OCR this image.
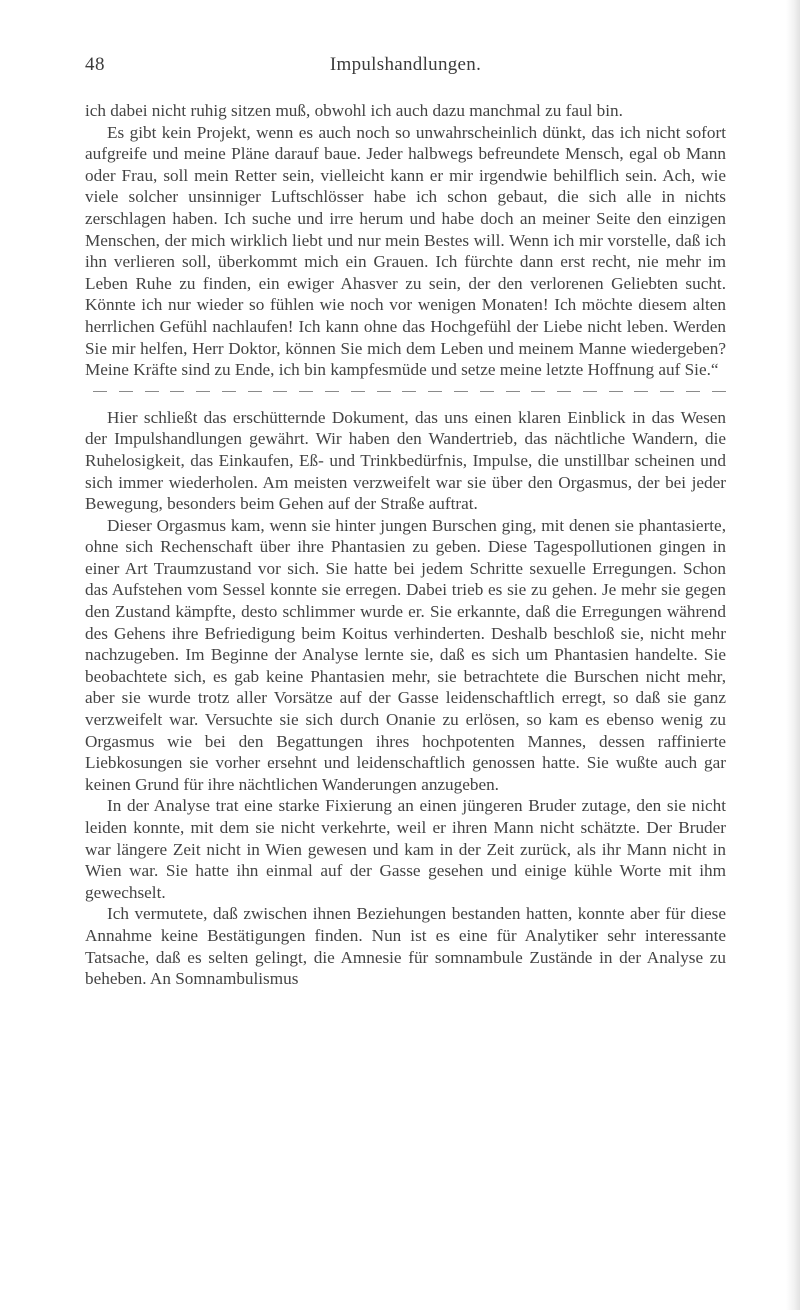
48	Impulshandlungen.

ich dabei nicht ruhig sitzen muß, obwohl ich auch dazu manchmal zu faul bin.

Es gibt kein Projekt, wenn es auch noch so unwahrscheinlich dünkt, das ich nicht sofort aufgreife und meine Pläne darauf baue. Jeder halbwegs befreundete Mensch, egal ob Mann oder Frau, soll mein Retter sein, vielleicht kann er mir irgendwie behilflich sein. Ach, wie viele solcher unsinniger Luftschlösser habe ich schon gebaut, die sich alle in nichts zerschlagen haben. Ich suche und irre herum und habe doch an meiner Seite den einzigen Menschen, der mich wirklich liebt und nur mein Bestes will. Wenn ich mir vorstelle, daß ich ihn verlieren soll, überkommt mich ein Grauen. Ich fürchte dann erst recht, nie mehr im Leben Ruhe zu finden, ein ewiger Ahasver zu sein, der den verlorenen Geliebten sucht. Könnte ich nur wieder so fühlen wie noch vor wenigen Monaten! Ich möchte diesem alten herrlichen Gefühl nachlaufen! Ich kann ohne das Hochgefühl der Liebe nicht leben. Werden Sie mir helfen, Herr Doktor, können Sie mich dem Leben und meinem Manne wiedergeben? Meine Kräfte sind zu Ende, ich bin kampfesmüde und setze meine letzte Hoffnung auf Sie.“

Hier schließt das erschütternde Dokument, das uns einen klaren Einblick in das Wesen der Impulshandlungen gewährt. Wir haben den Wandertrieb, das nächtliche Wandern, die Ruhelosigkeit, das Einkaufen, Eß- und Trinkbedürfnis, Impulse, die unstillbar scheinen und sich immer wiederholen. Am meisten verzweifelt war sie über den Orgasmus, der bei jeder Bewegung, besonders beim Gehen auf der Straße auftrat.

Dieser Orgasmus kam, wenn sie hinter jungen Burschen ging, mit denen sie phantasierte, ohne sich Rechenschaft über ihre Phantasien zu geben. Diese Tagespollutionen gingen in einer Art Traumzustand vor sich. Sie hatte bei jedem Schritte sexuelle Erregungen. Schon das Aufstehen vom Sessel konnte sie erregen. Dabei trieb es sie zu gehen. Je mehr sie gegen den Zustand kämpfte, desto schlimmer wurde er. Sie erkannte, daß die Erregungen während des Gehens ihre Befriedigung beim Koitus verhinderten. Deshalb beschloß sie, nicht mehr nachzugeben. Im Beginne der Analyse lernte sie, daß es sich um Phantasien handelte. Sie beobachtete sich, es gab keine Phantasien mehr, sie betrachtete die Burschen nicht mehr, aber sie wurde trotz aller Vorsätze auf der Gasse leidenschaftlich erregt, so daß sie ganz verzweifelt war. Versuchte sie sich durch Onanie zu erlösen, so kam es ebenso wenig zu Orgasmus wie bei den Begattungen ihres hochpotenten Mannes, dessen raffinierte Liebkosungen sie vorher ersehnt und leidenschaftlich genossen hatte. Sie wußte auch gar keinen Grund für ihre nächtlichen Wanderungen anzugeben.

In der Analyse trat eine starke Fixierung an einen jüngeren Bruder zutage, den sie nicht leiden konnte, mit dem sie nicht verkehrte, weil er ihren Mann nicht schätzte. Der Bruder war längere Zeit nicht in Wien gewesen und kam in der Zeit zurück, als ihr Mann nicht in Wien war. Sie hatte ihn einmal auf der Gasse gesehen und einige kühle Worte mit ihm gewechselt.

Ich vermutete, daß zwischen ihnen Beziehungen bestanden hatten, konnte aber für diese Annahme keine Bestätigungen finden. Nun ist es eine für Analytiker sehr interessante Tatsache, daß es selten gelingt, die Amnesie für somnambule Zustände in der Analyse zu beheben. An Somnambulismus
